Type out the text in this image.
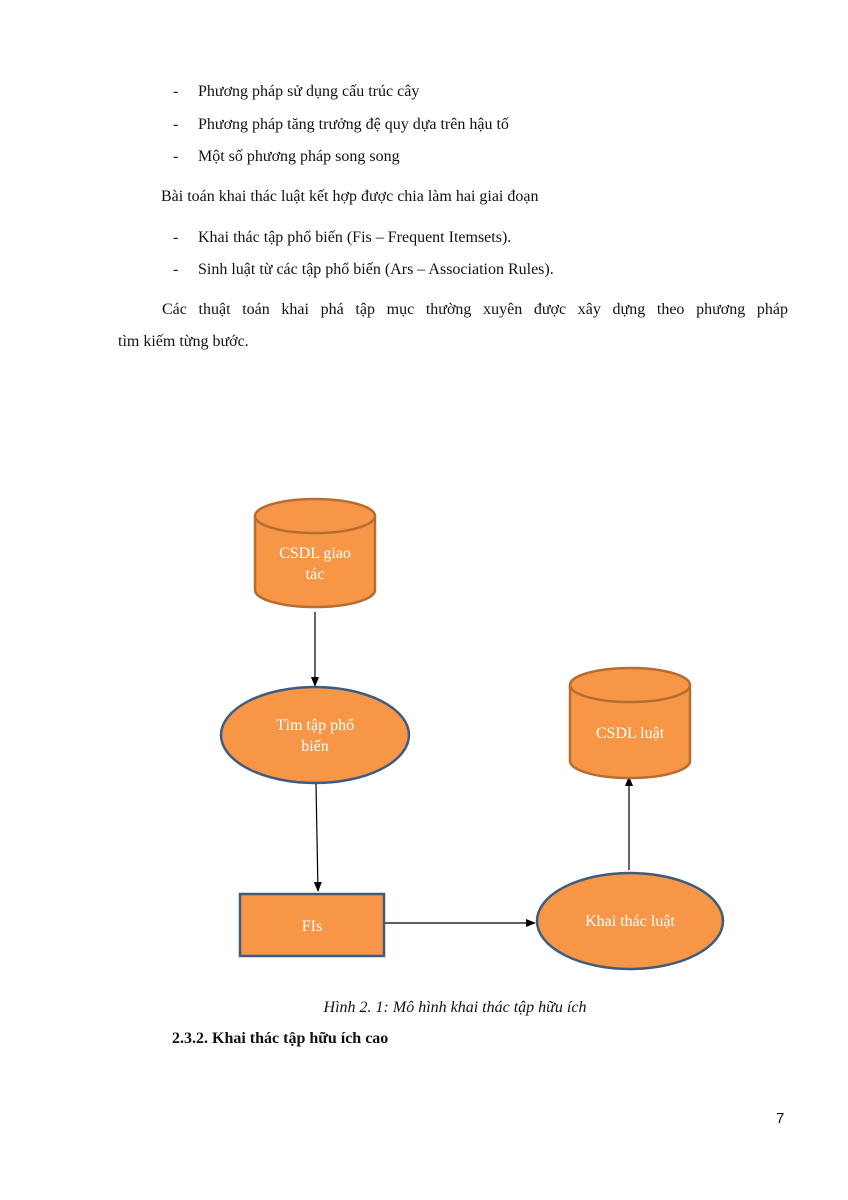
- Phương pháp sử dụng cấu trúc cây
- Phương pháp tăng trưởng đệ quy dựa trên hậu tố
- Một số phương pháp song song
Bài toán khai thác luật kết hợp được chia làm hai giai đoạn
- Khai thác tập phổ biến (Fis – Frequent Itemsets).
- Sinh luật từ các tập phổ biến (Ars – Association Rules).
Các thuật toán khai phá tập mục thường xuyên được xây dựng theo phương pháp
tìm kiếm từng bước.
CSDL giao
tác
Tìm tập phổ
biến
FIs	Khai thác luật
CSDL luật
Hình 2. 1: Mô hình khai thác tập hữu ích
2.3.2. Khai thác tập hữu ích cao
7
